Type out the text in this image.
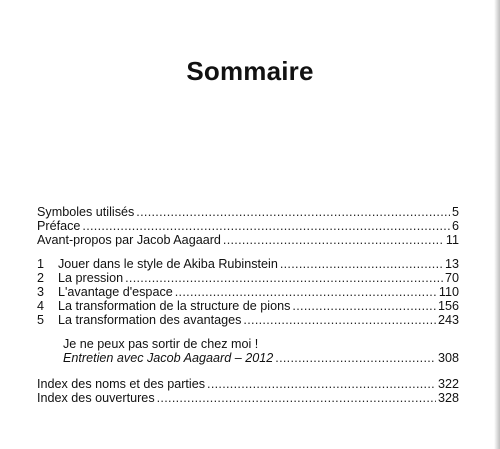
Sommaire
Symboles utilisés .....	5
Préface .....	6
Avant-propos par Jacob Aagaard .....	11
1	Jouer dans le style de Akiba Rubinstein .....	13
2	La pression .....	70
3	L'avantage d'espace .....	110
4	La transformation de la structure de pions .....	156
5	La transformation des avantages .....	243
Je ne peux pas sortir de chez moi !
Entretien avec Jacob Aagaard – 2012 .....	308
Index des noms et des parties .....	322
Index des ouvertures .....	328
